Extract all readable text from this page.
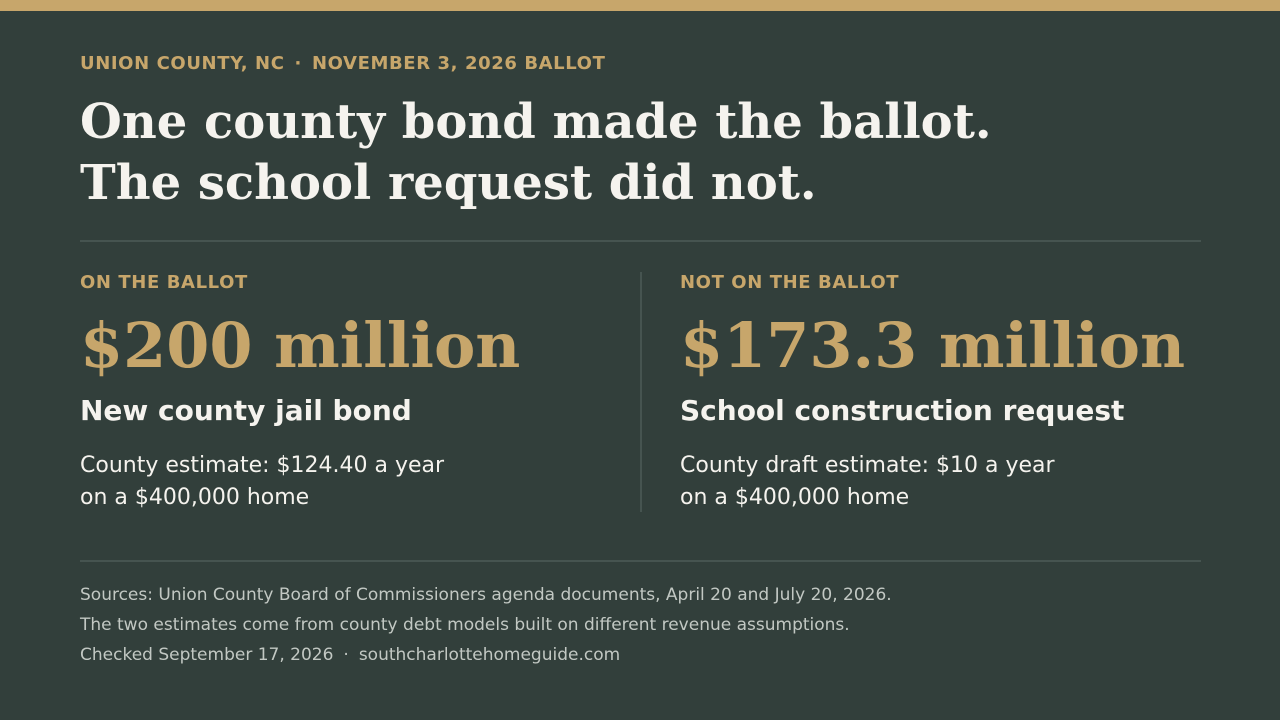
UNION COUNTY, NC · NOVEMBER 3, 2026 BALLOT
One county bond made the ballot.
The school request did not.
ON THE BALLOT
$200 million
New county jail bond
County estimate: $124.40 a year
on a $400,000 home
NOT ON THE BALLOT
$173.3 million
School construction request
County draft estimate: $10 a year
on a $400,000 home
Sources: Union County Board of Commissioners agenda documents, April 20 and July 20, 2026.
The two estimates come from county debt models built on different revenue assumptions.
Checked September 17, 2026 · southcharlottehomeguide.com
